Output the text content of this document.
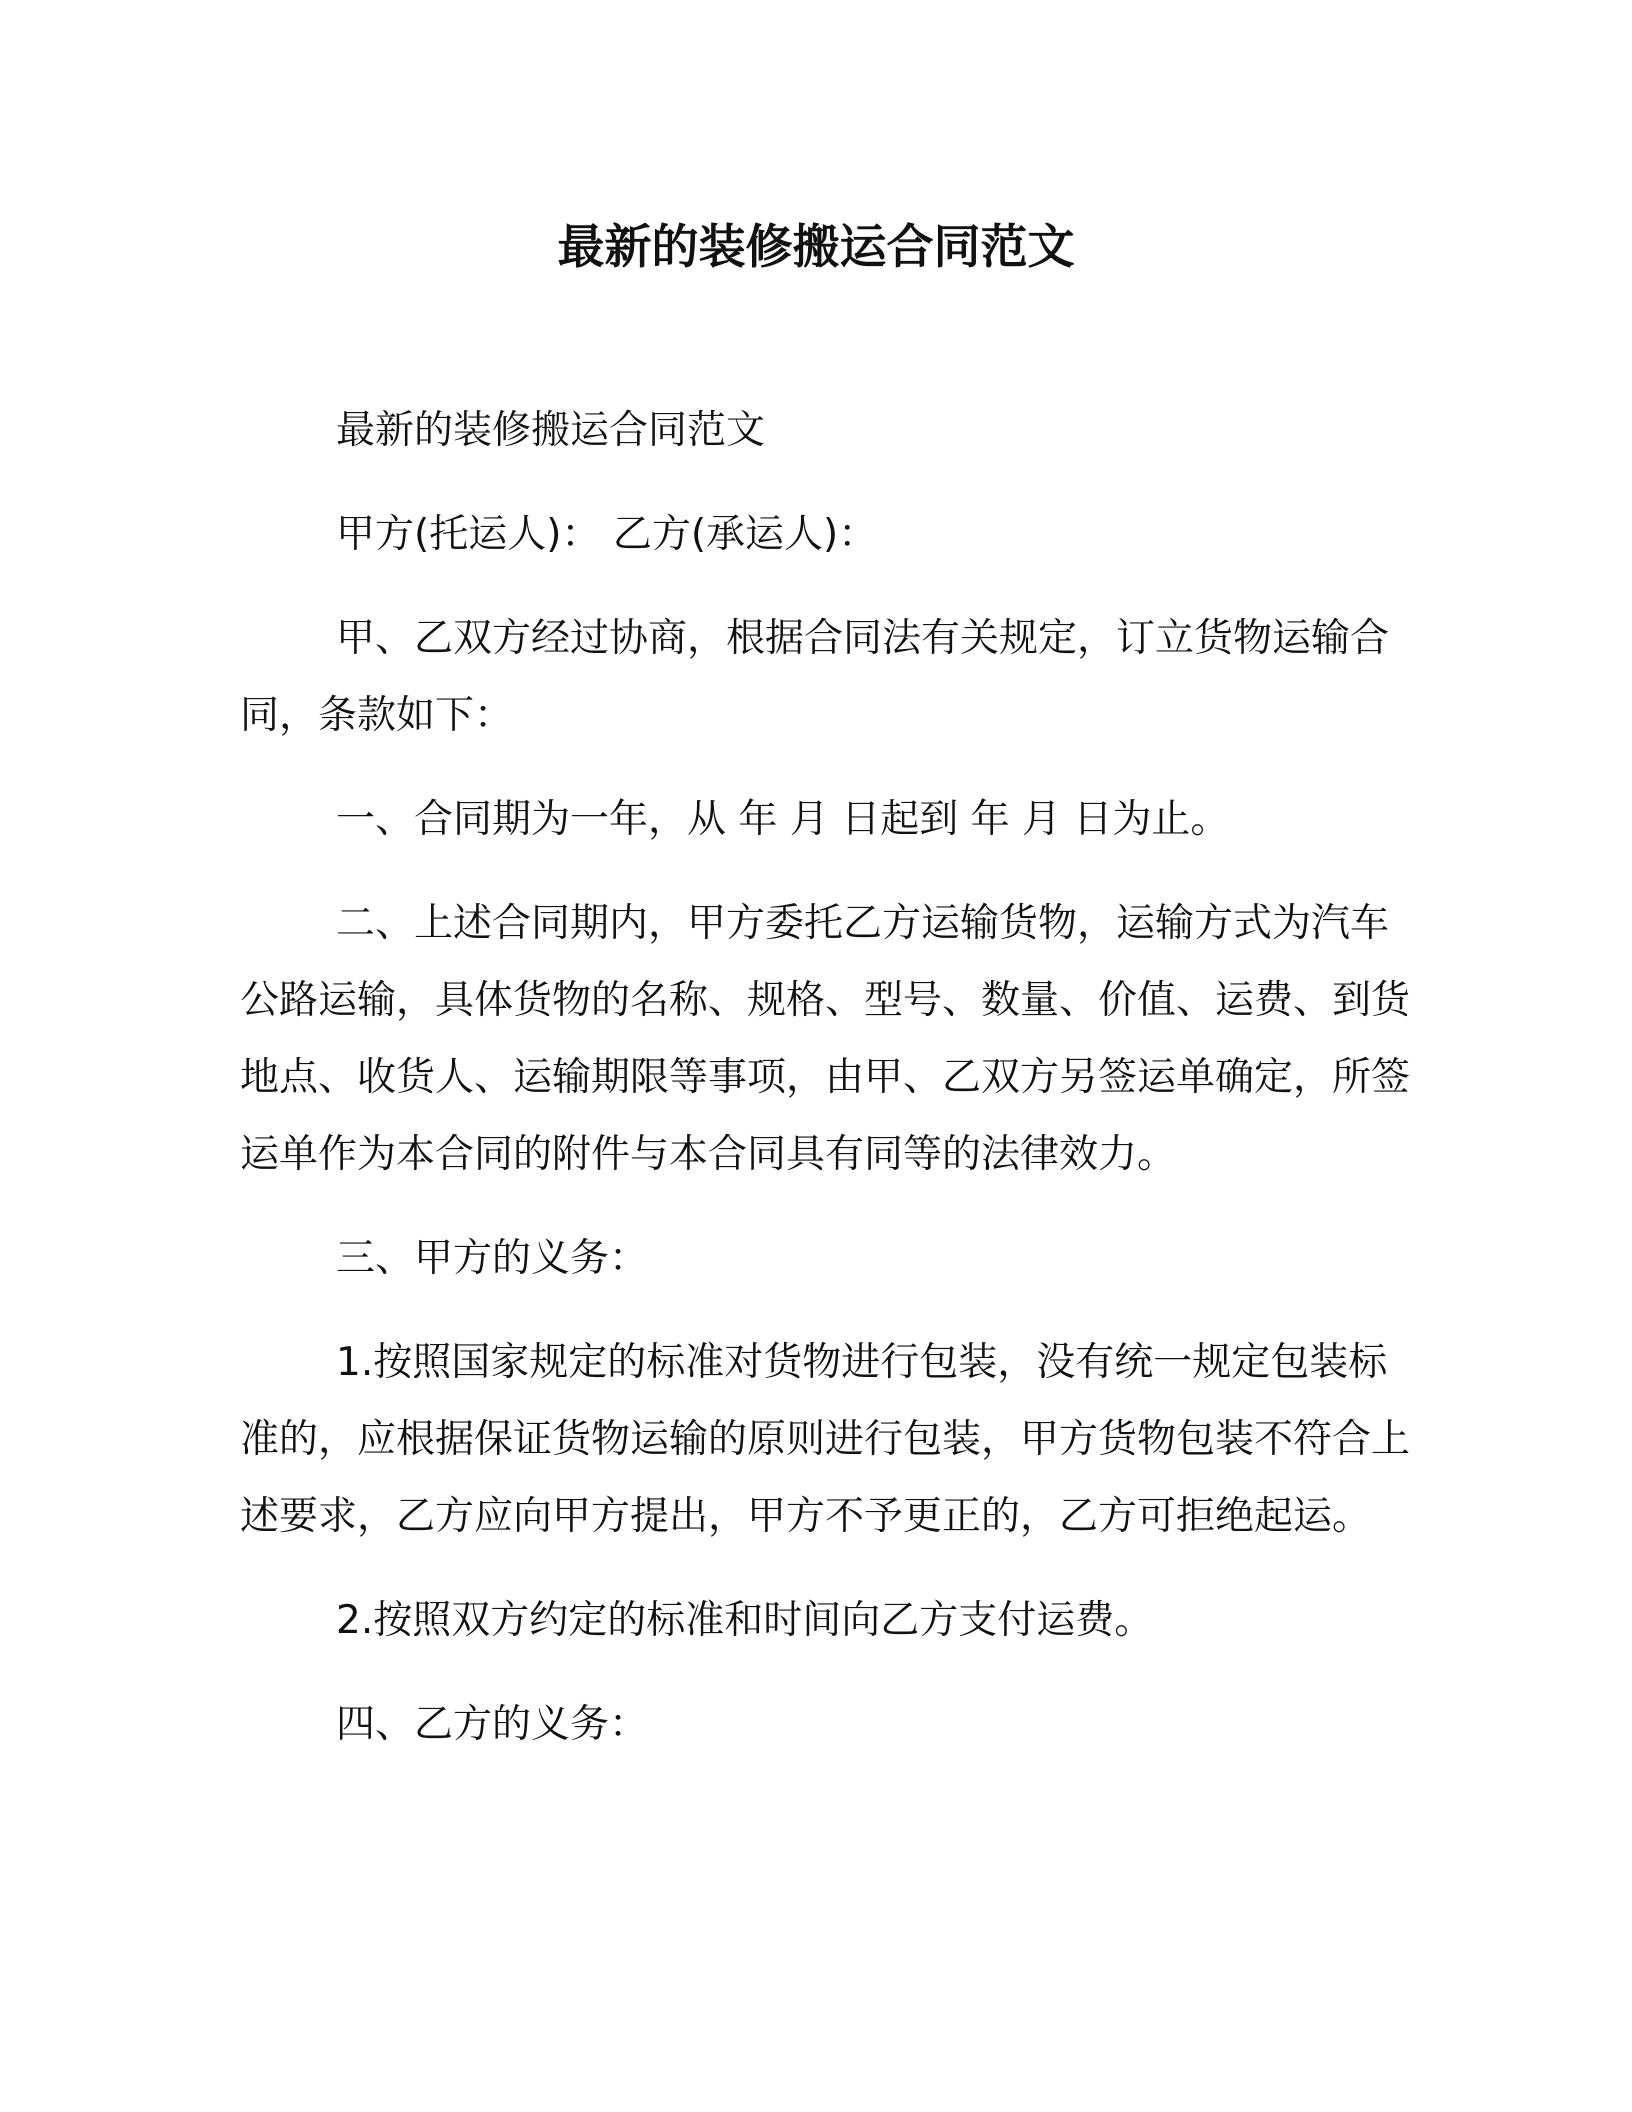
最新的装修搬运合同范文

最新的装修搬运合同范文

甲方(托运人)： 乙方(承运人)：

甲、乙双方经过协商，根据合同法有关规定，订立货物运输合同，条款如下：

一、合同期为一年，从 年 月 日起到 年 月 日为止。

二、上述合同期内，甲方委托乙方运输货物，运输方式为汽车公路运输，具体货物的名称、规格、型号、数量、价值、运费、到货地点、收货人、运输期限等事项，由甲、乙双方另签运单确定，所签运单作为本合同的附件与本合同具有同等的法律效力。

三、甲方的义务：

1.按照国家规定的标准对货物进行包装，没有统一规定包装标准的，应根据保证货物运输的原则进行包装，甲方货物包装不符合上述要求，乙方应向甲方提出，甲方不予更正的，乙方可拒绝起运。

2.按照双方约定的标准和时间向乙方支付运费。

四、乙方的义务：
